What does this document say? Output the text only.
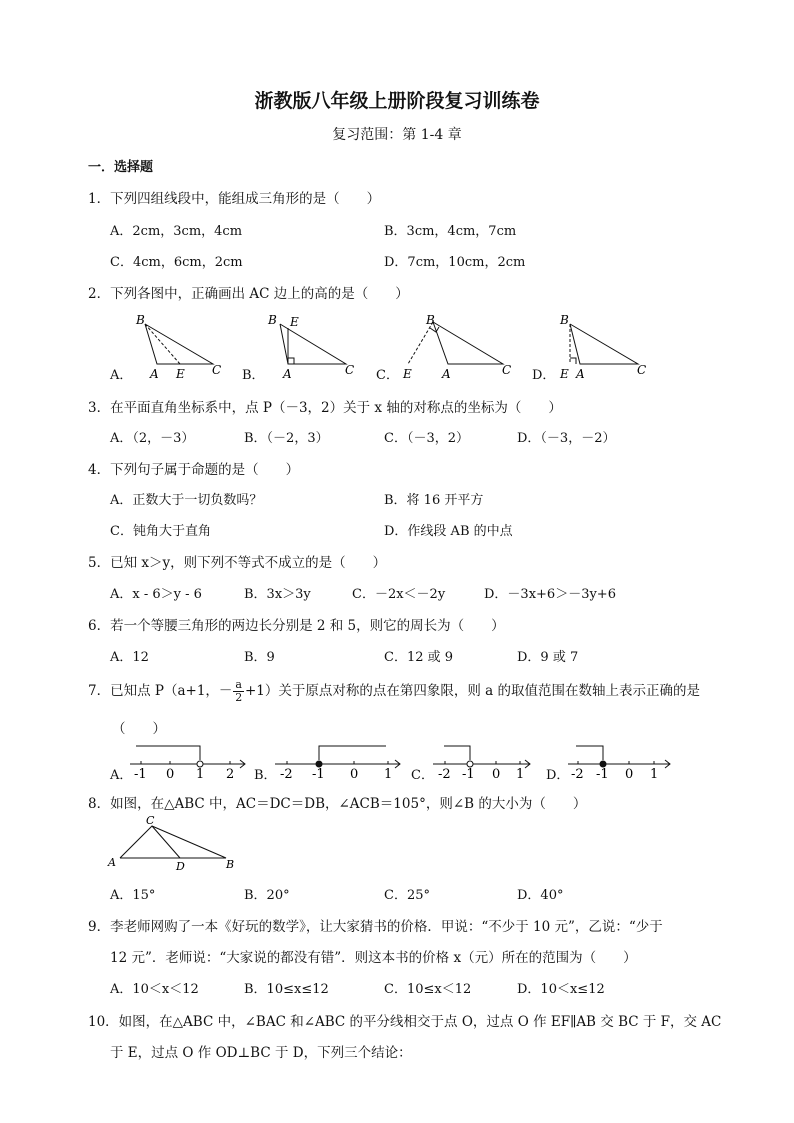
浙教版八年级上册阶段复习训练卷
复习范围：第 1-4 章
一．选择题
1．下列四组线段中，能组成三角形的是（　　）
A．2cm，3cm，4cm	B．3cm，4cm，7cm
C．4cm，6cm，2cm	D．7cm，10cm，2cm
2．下列各图中，正确画出 AC 边上的高的是（　　）
A．	B．	C．	D．
B
A E C
B E
A	C
B
E	A	C
B
E A	C
3．在平面直角坐标系中，点 P（－3，2）关于 x 轴的对称点的坐标为（　　）
A．（2，－3）	B．（－2，3）	C．（－3，2）	D．（－3，－2）
4．下列句子属于命题的是（　　）
A．正数大于一切负数吗？	B．将 16 开平方
C．钝角大于直角	D．作线段 AB 的中点
5．已知 x＞y，则下列不等式不成立的是（　　）
A．x - 6＞y - 6	B．3x＞3y	C．－2x＜－2y	D．－3x+6＞－3y+6
6．若一个等腰三角形的两边长分别是 2 和 5，则它的周长为（　　）
A．12	B．9	C．12 或 9	D．9 或 7
7．已知点 P（a+1，－ $\frac{a}{2} +1$）关于原点对称的点在第四象限，则 a 的取值范围在数轴上表示正确的是
（　　）
-1 0 1 2	-2 -1 0 1	-2 -1 0 1	-2 -1 0 1
A．	B．	C．	D．
8．如图，在△ABC 中，AC＝DC＝DB，∠ACB＝105°，则∠B 的大小为（　　）
C
A	D	B
A．15°	B．20°	C．25°	D．40°
9．李老师网购了一本《好玩的数学》，让大家猜书的价格．甲说：“不少于 10 元”，乙说：“少于
12 元”．老师说：“大家说的都没有错”．则这本书的价格 x（元）所在的范围为（　　）
A．10＜x＜12	B．10≤x≤12	C．10≤x＜12	D．10＜x≤12
10．如图，在△ABC 中，∠BAC 和∠ABC 的平分线相交于点 O，过点 O 作 EF∥AB 交 BC 于 F，交 AC
于 E，过点 O 作 OD⊥BC 于 D，下列三个结论：
